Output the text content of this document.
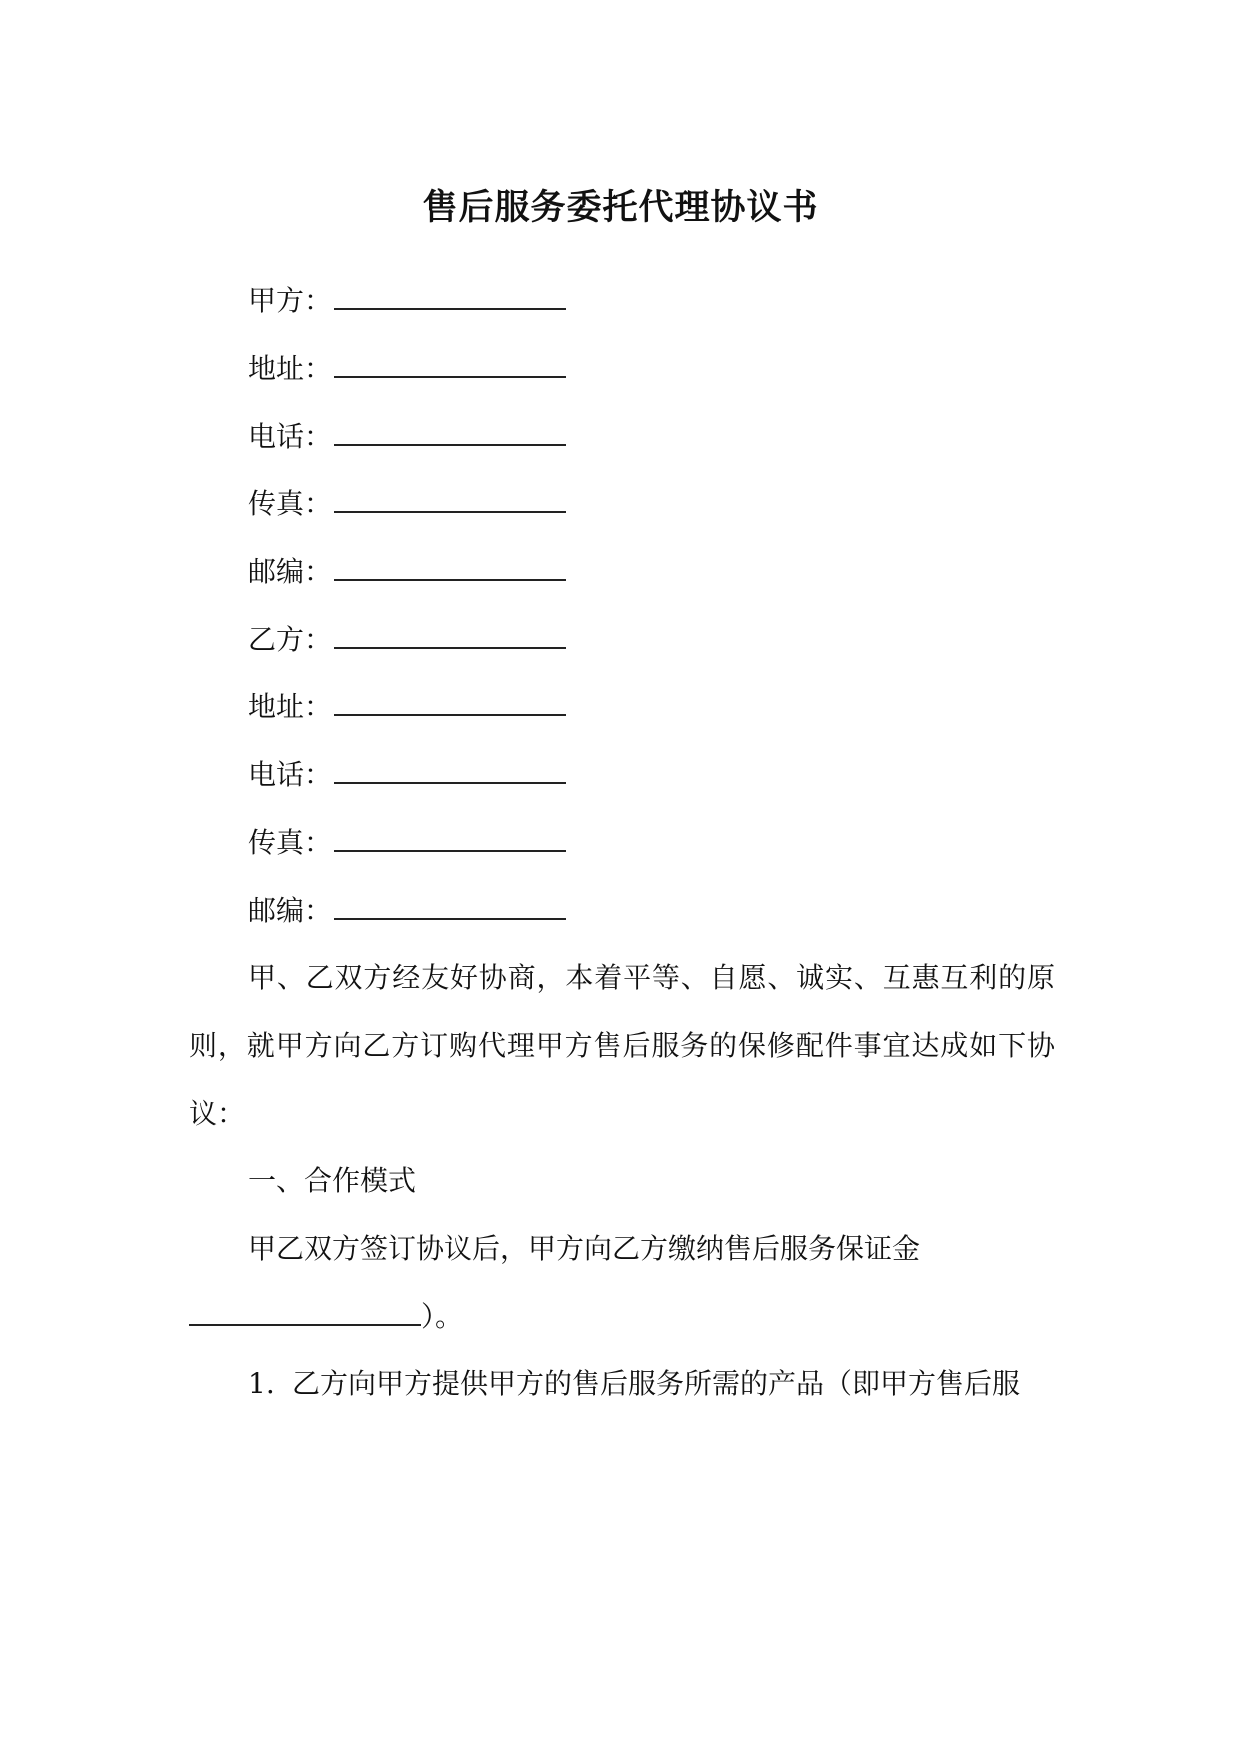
售后服务委托代理协议书
甲方：
地址：
电话：
传真：
邮编：
乙方：
地址：
电话：
传真：
邮编：
甲、乙双方经友好协商，本着平等、自愿、诚实、互惠互利的原
则，就甲方向乙方订购代理甲方售后服务的保修配件事宜达成如下协
议：
一、合作模式
甲乙双方签订协议后，甲方向乙方缴纳售后服务保证金
）。
1. 乙方向甲方提供甲方的售后服务所需的产品（即甲方售后服
